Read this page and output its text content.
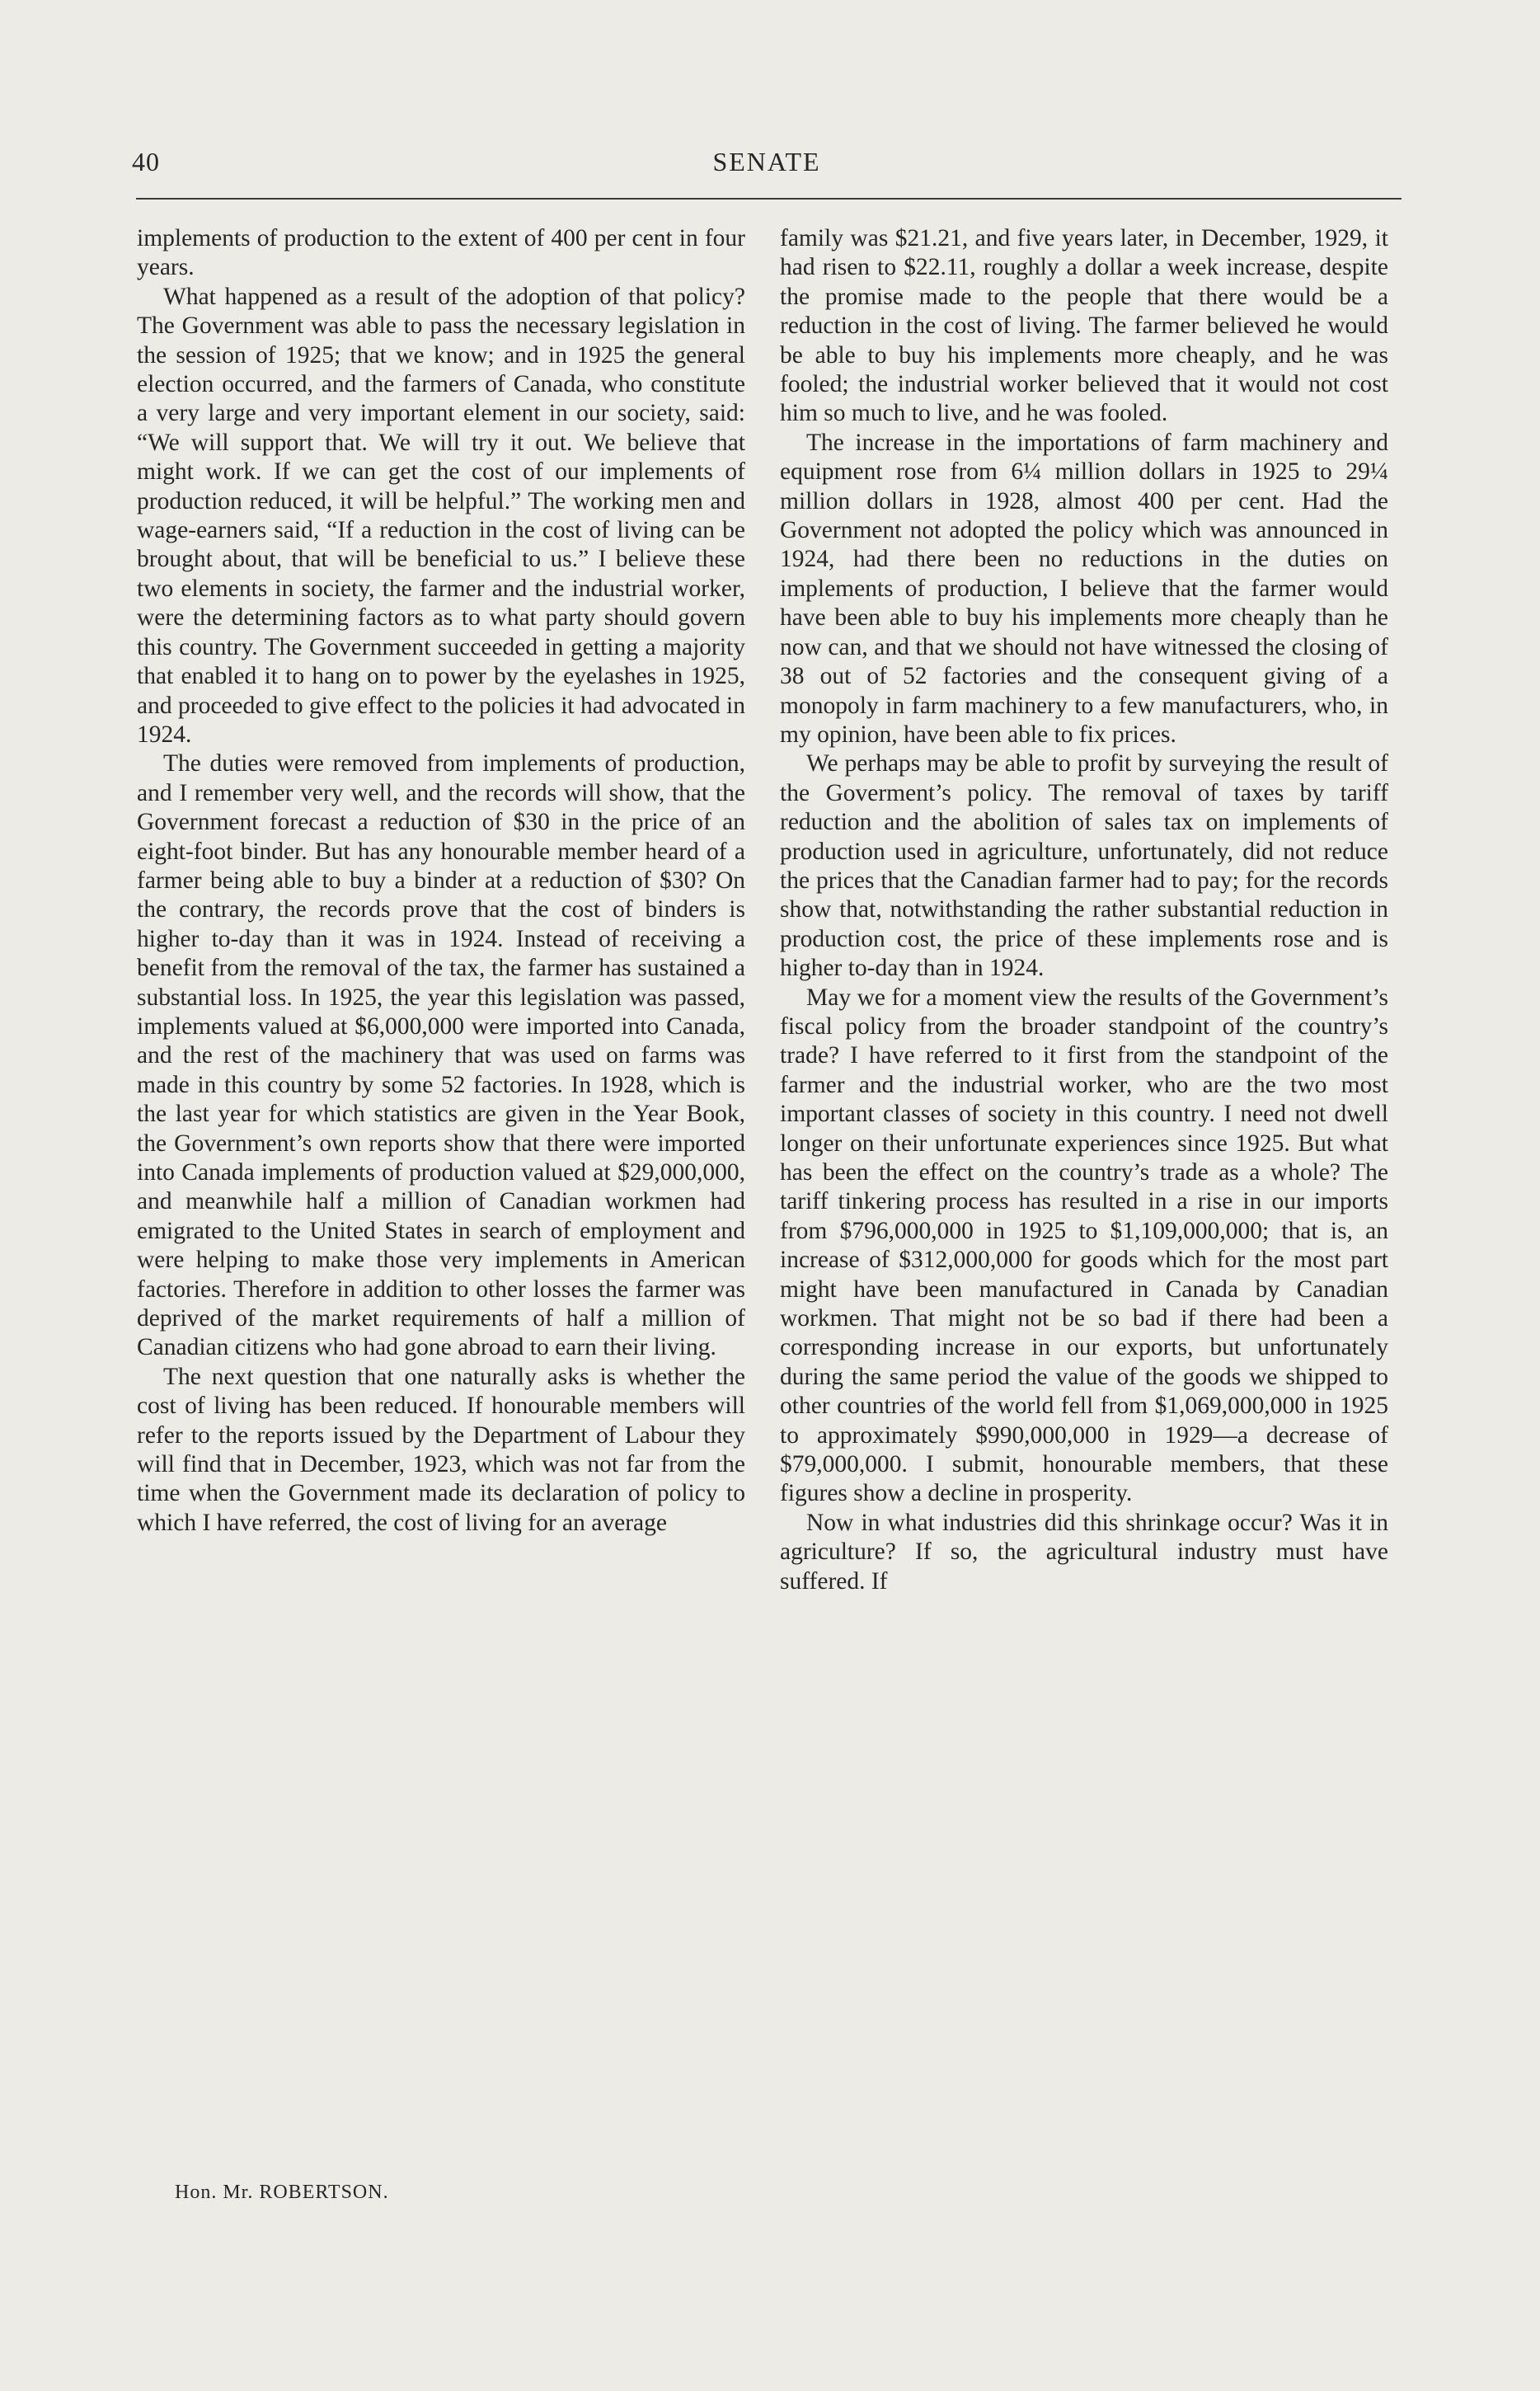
40	SENATE

implements of production to the extent of 400 per cent in four years.

What happened as a result of the adoption of that policy? The Government was able to pass the necessary legislation in the session of 1925; that we know; and in 1925 the general election occurred, and the farmers of Canada, who constitute a very large and very important element in our society, said: “We will support that. We will try it out. We believe that might work. If we can get the cost of our implements of production reduced, it will be helpful.” The working men and wage-earners said, “If a reduction in the cost of living can be brought about, that will be beneficial to us.” I believe these two elements in society, the farmer and the industrial worker, were the determining factors as to what party should govern this country. The Government succeeded in getting a majority that enabled it to hang on to power by the eyelashes in 1925, and proceeded to give effect to the policies it had advocated in 1924.

The duties were removed from implements of production, and I remember very well, and the records will show, that the Government forecast a reduction of $30 in the price of an eight-foot binder. But has any honourable member heard of a farmer being able to buy a binder at a reduction of $30? On the contrary, the records prove that the cost of binders is higher to-day than it was in 1924. Instead of receiving a benefit from the removal of the tax, the farmer has sustained a substantial loss. In 1925, the year this legislation was passed, implements valued at $6,000,000 were imported into Canada, and the rest of the machinery that was used on farms was made in this country by some 52 factories. In 1928, which is the last year for which statistics are given in the Year Book, the Government’s own reports show that there were imported into Canada implements of production valued at $29,000,000, and meanwhile half a million of Canadian workmen had emigrated to the United States in search of employment and were helping to make those very implements in American factories. Therefore in addition to other losses the farmer was deprived of the market requirements of half a million of Canadian citizens who had gone abroad to earn their living.

The next question that one naturally asks is whether the cost of living has been reduced. If honourable members will refer to the reports issued by the Department of Labour they will find that in December, 1923, which was not far from the time when the Government made its declaration of policy to which I have referred, the cost of living for an average

family was $21.21, and five years later, in December, 1929, it had risen to $22.11, roughly a dollar a week increase, despite the promise made to the people that there would be a reduction in the cost of living. The farmer believed he would be able to buy his implements more cheaply, and he was fooled; the industrial worker believed that it would not cost him so much to live, and he was fooled.

The increase in the importations of farm machinery and equipment rose from 6¼ million dollars in 1925 to 29¼ million dollars in 1928, almost 400 per cent. Had the Government not adopted the policy which was announced in 1924, had there been no reductions in the duties on implements of production, I believe that the farmer would have been able to buy his implements more cheaply than he now can, and that we should not have witnessed the closing of 38 out of 52 factories and the consequent giving of a monopoly in farm machinery to a few manufacturers, who, in my opinion, have been able to fix prices.

We perhaps may be able to profit by surveying the result of the Goverment’s policy. The removal of taxes by tariff reduction and the abolition of sales tax on implements of production used in agriculture, unfortunately, did not reduce the prices that the Canadian farmer had to pay; for the records show that, notwithstanding the rather substantial reduction in production cost, the price of these implements rose and is higher to-day than in 1924.

May we for a moment view the results of the Government’s fiscal policy from the broader standpoint of the country’s trade? I have referred to it first from the standpoint of the farmer and the industrial worker, who are the two most important classes of society in this country. I need not dwell longer on their unfortunate experiences since 1925. But what has been the effect on the country’s trade as a whole? The tariff tinkering process has resulted in a rise in our imports from $796,000,000 in 1925 to $1,109,000,000; that is, an increase of $312,000,000 for goods which for the most part might have been manufactured in Canada by Canadian workmen. That might not be so bad if there had been a corresponding increase in our exports, but unfortunately during the same period the value of the goods we shipped to other countries of the world fell from $1,069,000,000 in 1925 to approximately $990,000,000 in 1929—a decrease of $79,000,000. I submit, honourable members, that these figures show a decline in prosperity.

Now in what industries did this shrinkage occur? Was it in agriculture? If so, the agricultural industry must have suffered. If

Hon. Mr. ROBERTSON.
